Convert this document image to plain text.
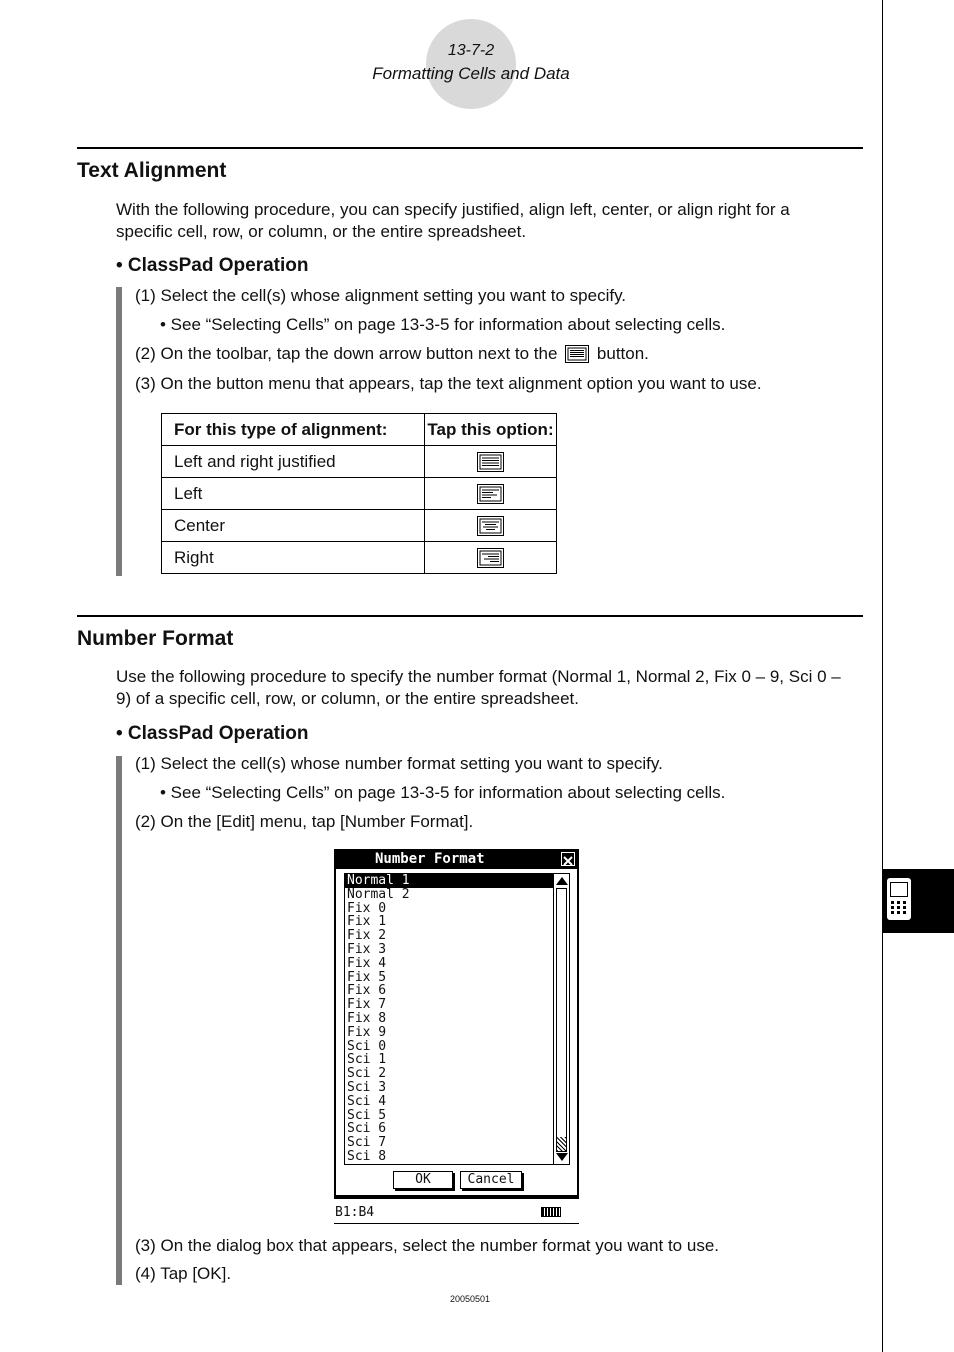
13-7-2
Formatting Cells and Data
Text Alignment
With the following procedure, you can specify justified, align left, center, or align right for a specific cell, row, or column, or the entire spreadsheet.
• ClassPad Operation
(1) Select the cell(s) whose alignment setting you want to specify.
• See “Selecting Cells” on page 13-3-5 for information about selecting cells.
(2) On the toolbar, tap the down arrow button next to the button.
(3) On the button menu that appears, tap the text alignment option you want to use.
For this type of alignment:	Tap this option:
Left and right justified	
Left	
Center	
Right	
Number Format
Use the following procedure to specify the number format (Normal 1, Normal 2, Fix 0 – 9, Sci 0 – 9) of a specific cell, row, or column, or the entire spreadsheet.
• ClassPad Operation
(1) Select the cell(s) whose number format setting you want to specify.
• See “Selecting Cells” on page 13-3-5 for information about selecting cells.
(2) On the [Edit] menu, tap [Number Format].
Number Format
Normal 1
Normal 2
Fix 0
Fix 1
Fix 2
Fix 3
Fix 4
Fix 5
Fix 6
Fix 7
Fix 8
Fix 9
Sci 0
Sci 1
Sci 2
Sci 3
Sci 4
Sci 5
Sci 6
Sci 7
Sci 8
OK	Cancel
B1:B4
(3) On the dialog box that appears, select the number format you want to use.
(4) Tap [OK].
20050501
